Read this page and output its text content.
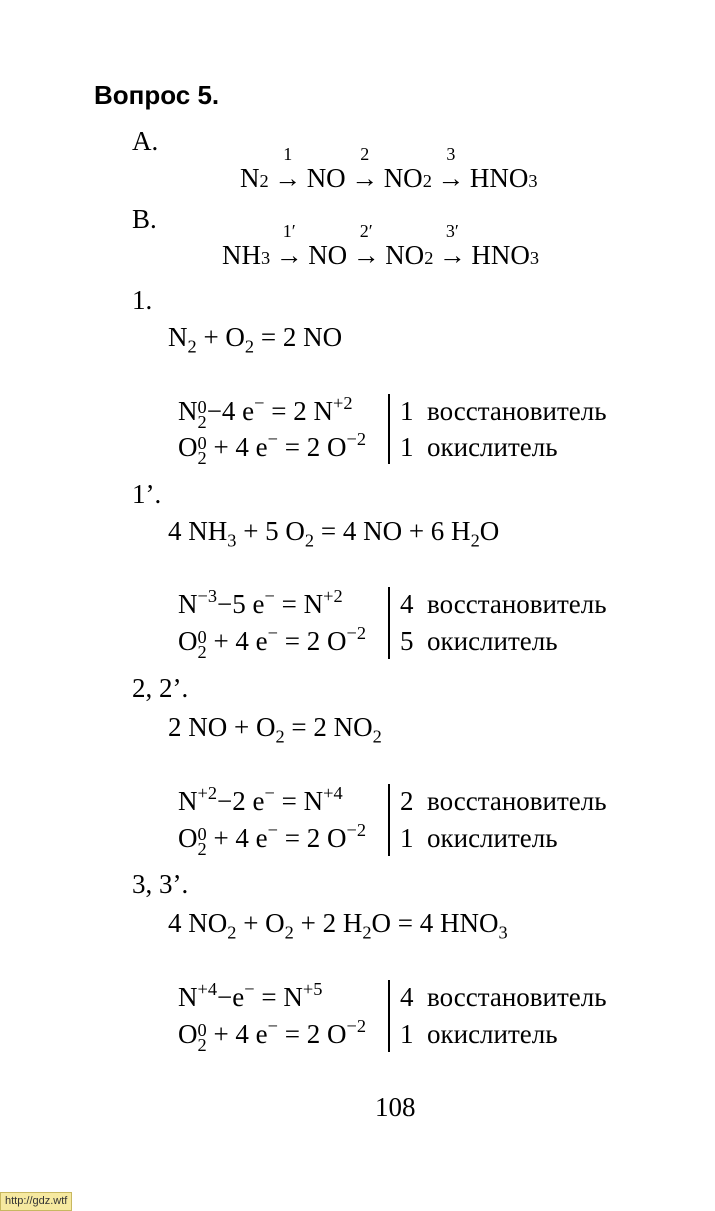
Вопрос 5.
А.
N 2
1
→ NO
2
→ NO 2
3
→ HNO 3
В.
NH 3
1′
→ NO
2′
→ NO 2
3′
→ HNO 3
1.
$N_2 + O_2 = 2$ NO
N 0
2 −4 e− = 2 $N^{+2}$
O 0
2 + 4 e− = 2 $O^{-2}$
1 восстановитель
1 окислитель
1’.
4 $NH_3 + 5$ $O_2 = 4$ NO + 6 $H_2O$
$N^{-3}-5$ $e^- = N^{+2}$
O 0
2 + 4 e− = 2 $O^{-2}$
4 восстановитель
5 окислитель
2, 2’.
2 NO + $O_2 = 2$ $NO_2$
$N^{+2}-2$ $e^- = N^{+4}$
O 0
2 + 4 e− = 2 $O^{-2}$
2 восстановитель
1 окислитель
3, 3’.
4 $NO_2 + O_2 + 2$ $H_2O = 4$ $HNO_3$
$N^{+4}-e^- = N^{+5}$
O 0
2 + 4 e− = 2 $O^{-2}$
4 восстановитель
1 окислитель
108
http://gdz.wtf
